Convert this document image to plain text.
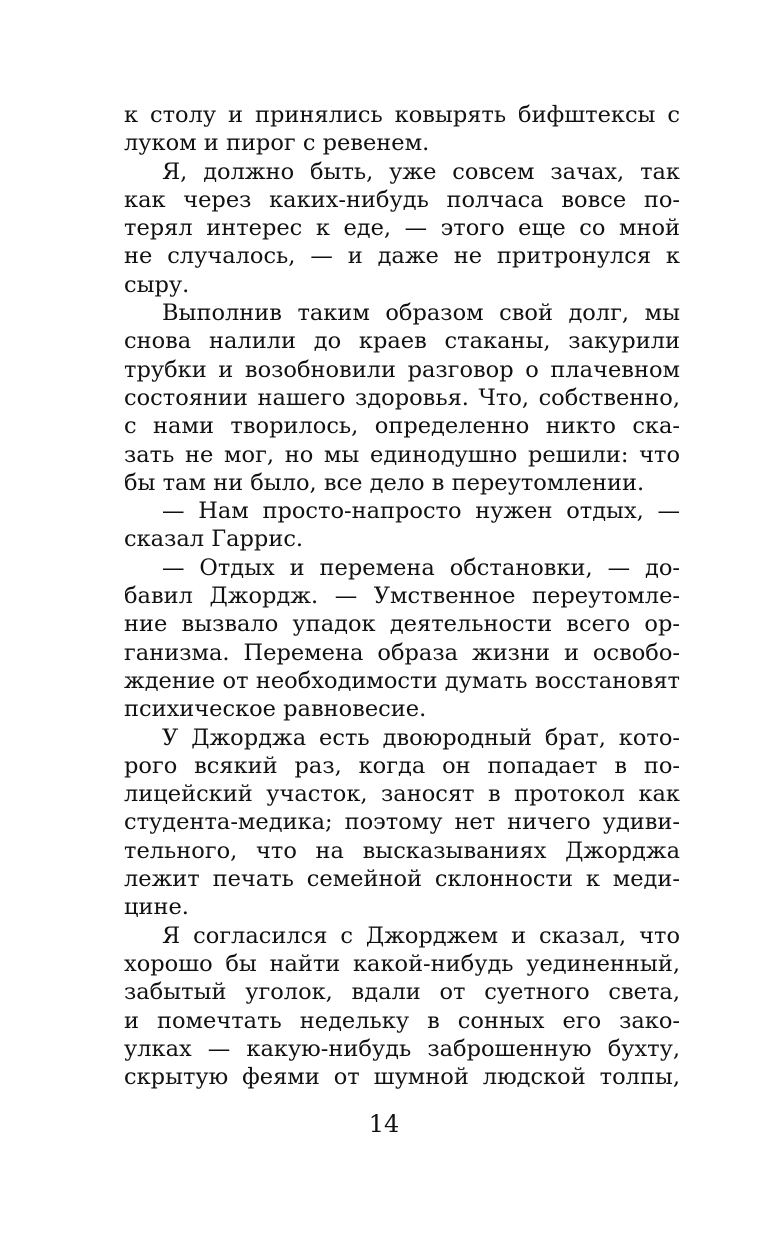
к столу и принялись ковырять бифштексы с
луком и пирог с ревенем.

Я, должно быть, уже совсем зачах, так
как через каких-нибудь полчаса вовсе по-
терял интерес к еде, — этого еще со мной
не случалось, — и даже не притронулся к
сыру.

Выполнив таким образом свой долг, мы
снова налили до краев стаканы, закурили
трубки и возобновили разговор о плачевном
состоянии нашего здоровья. Что, собственно,
с нами творилось, определенно никто ска-
зать не мог, но мы единодушно решили: что
бы там ни было, все дело в переутомлении.

— Нам просто-напросто нужен отдых, —
сказал Гаррис.

— Отдых и перемена обстановки, — до-
бавил Джордж. — Умственное переутомле-
ние вызвало упадок деятельности всего ор-
ганизма. Перемена образа жизни и освобо-
ждение от необходимости думать восстановят
психическое равновесие.

У Джорджа есть двоюродный брат, кото-
рого всякий раз, когда он попадает в по-
лицейский участок, заносят в протокол как
студента-медика; поэтому нет ничего удиви-
тельного, что на высказываниях Джорджа
лежит печать семейной склонности к меди-
цине.

Я согласился с Джорджем и сказал, что
хорошо бы найти какой-нибудь уединенный,
забытый уголок, вдали от суетного света,
и помечтать недельку в сонных его зако-
улках — какую-нибудь заброшенную бухту,
скрытую феями от шумной людской толпы,

14
